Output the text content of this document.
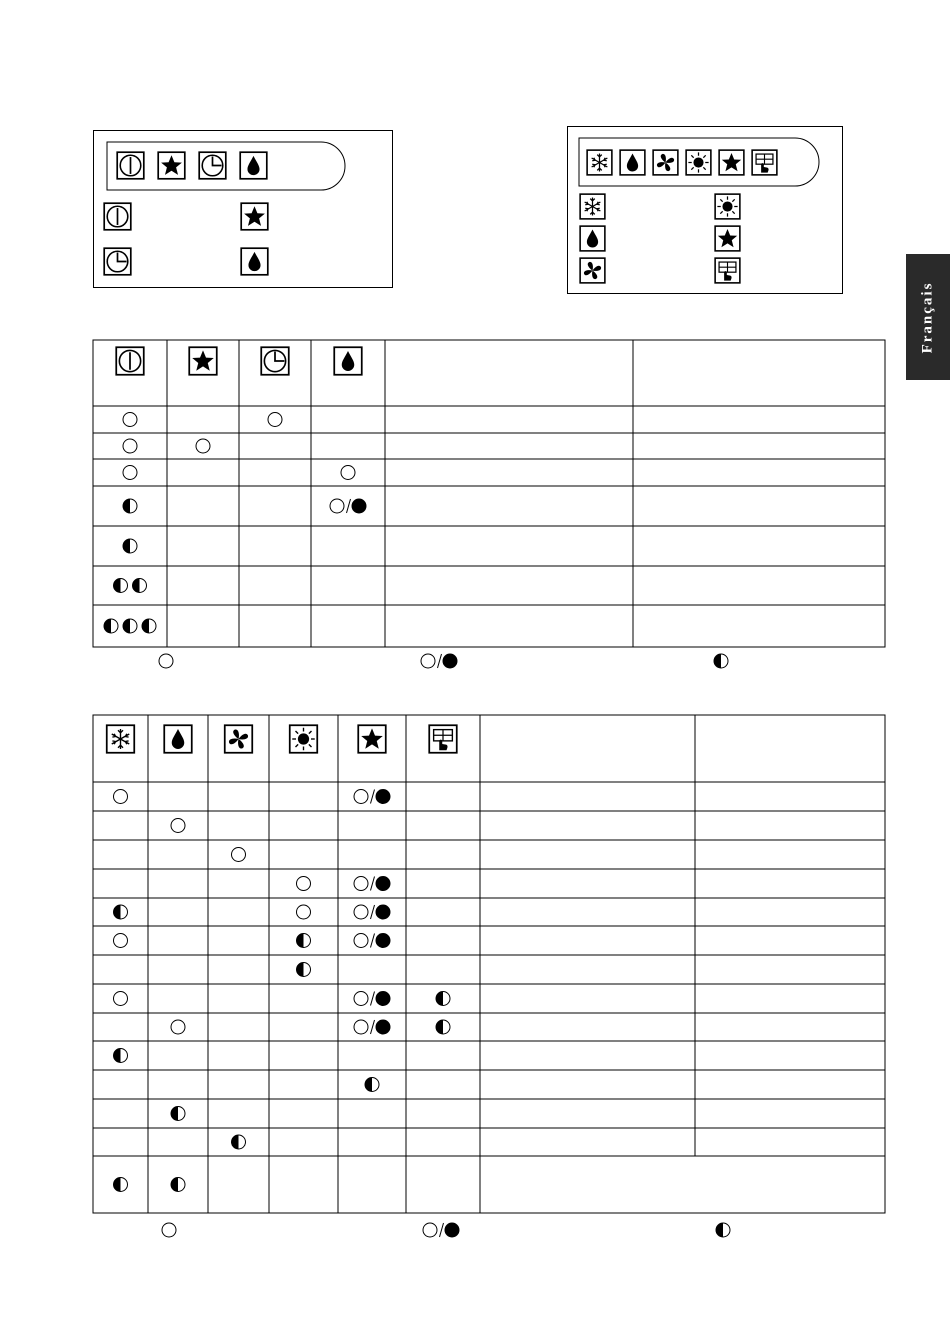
Français
